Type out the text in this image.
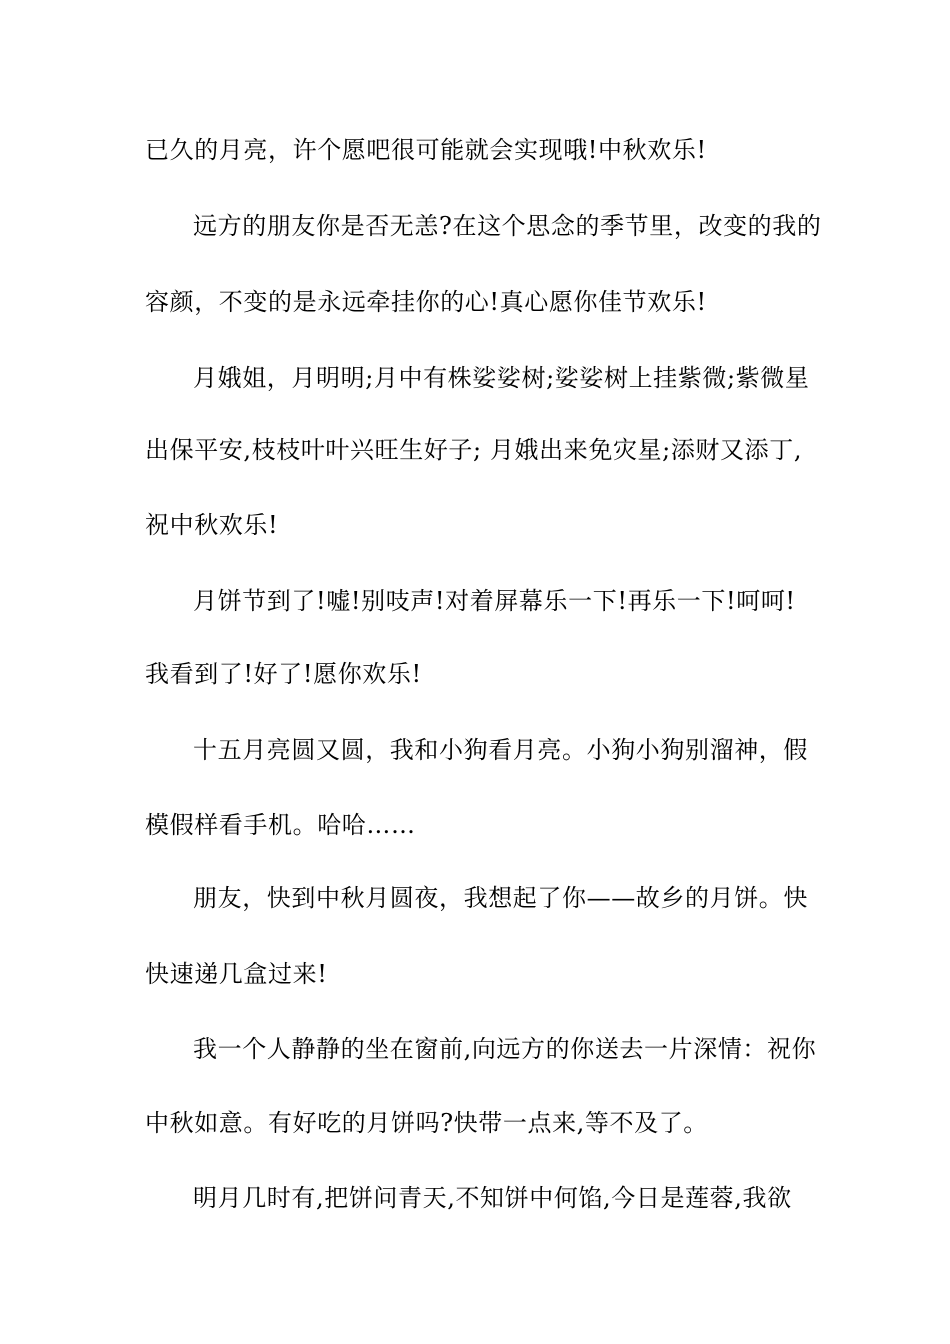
已久的月亮，许个愿吧很可能就会实现哦!中秋欢乐!
远方的朋友你是否无恙?在这个思念的季节里，改变的我的
容颜，不变的是永远牵挂你的心!真心愿你佳节欢乐!
月娥姐，月明明;月中有株娑娑树;娑娑树上挂紫微;紫微星
出保平安,枝枝叶叶兴旺生好子; 月娥出来免灾星;添财又添丁,
祝中秋欢乐!
月饼节到了!嘘!别吱声!对着屏幕乐一下!再乐一下!呵呵!
我看到了!好了!愿你欢乐!
十五月亮圆又圆，我和小狗看月亮。小狗小狗别溜神，假
模假样看手机。哈哈……
朋友，快到中秋月圆夜，我想起了你——故乡的月饼。快
快速递几盒过来!
我一个人静静的坐在窗前,向远方的你送去一片深情：祝你
中秋如意。有好吃的月饼吗?快带一点来,等不及了。
明月几时有,把饼问青天,不知饼中何馅,今日是莲蓉,我欲
